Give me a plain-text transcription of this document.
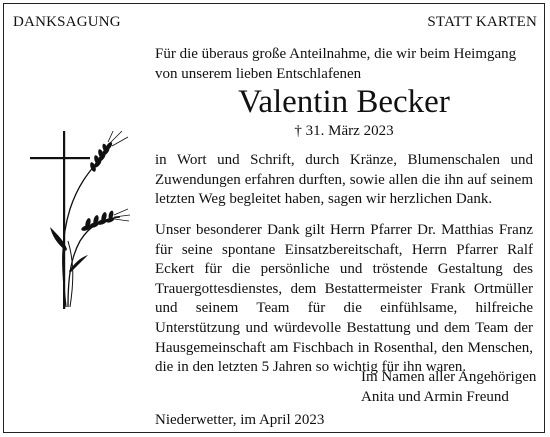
DANKSAGUNG	STATT KARTEN

Für die überaus große Anteilnahme, die wir beim Heimgang von unserem lieben Entschlafenen

Valentin Becker
† 31. März 2023

in Wort und Schrift, durch Kränze, Blumenschalen und Zuwendungen erfahren durften, sowie allen die ihn auf seinem letzten Weg begleitet haben, sagen wir herzlichen Dank.

Unser besonderer Dank gilt Herrn Pfarrer Dr. Matthias Franz für seine spontane Einsatzbereitschaft, Herrn Pfarrer Ralf Eckert für die persönliche und tröstende Gestaltung des Trauergottesdienstes, dem Bestattermeister Frank Ortmüller und seinem Team für die einfühlsame, hilfreiche Unterstützung und würdevolle Bestattung und dem Team der Hausgemeinschaft am Fischbach in Rosenthal, den Menschen, die in den letzten 5 Jahren so wichtig für ihn waren.

Im Namen aller Angehörigen
Anita und Armin Freund
Niederwetter, im April 2023
